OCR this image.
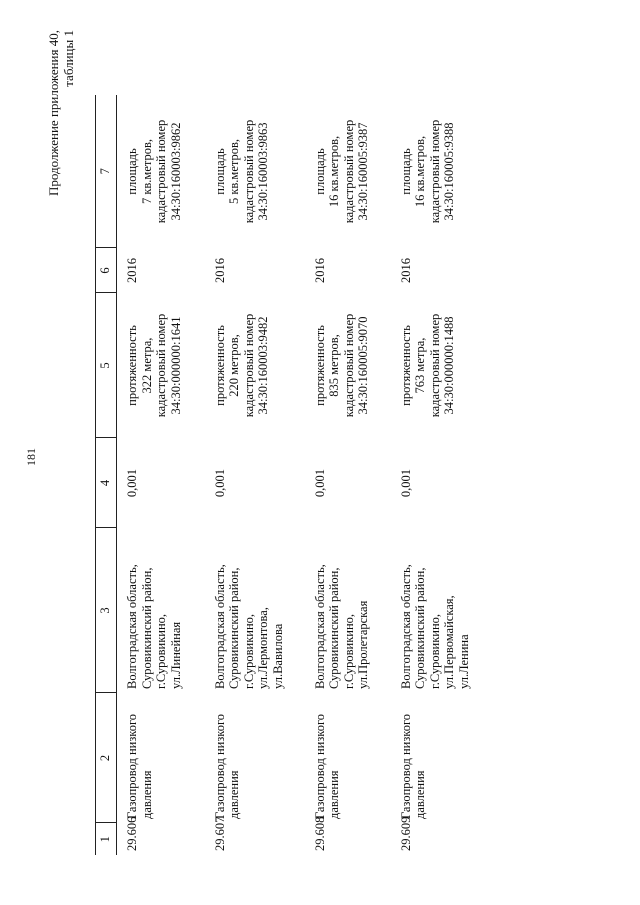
181
Продолжение приложения 40, таблицы 1
1	2	3	4	5	6	7
29.606	Газопровод низкого
давления	Волгоградская область,
Суровикинский район,
г.Суровикино,
ул.Линейная	0,001	протяженность
322 метра,
кадастровый номер
34:30:000000:1641	2016	площадь
7 кв.метров,
кадастровый номер
34:30:160003:9862
29.607	Газопровод низкого
давления	Волгоградская область,
Суровикинский район,
г.Суровикино,
ул.Лермонтова,
ул.Вавилова	0,001	протяженность
220 метров,
кадастровый номер
34:30:160003:9482	2016	площадь
5 кв.метров,
кадастровый номер
34:30:160003:9863
29.608	Газопровод низкого
давления	Волгоградская область,
Суровикинский район,
г.Суровикино,
ул.Пролетарская	0,001	протяженность
835 метров,
кадастровый номер
34:30:160005:9070	2016	площадь
16 кв.метров,
кадастровый номер
34:30:160005:9387
29.609	Газопровод низкого
давления	Волгоградская область,
Суровикинский район,
г.Суровикино,
ул.Первомайская,
ул.Ленина	0,001	протяженность
763 метра,
кадастровый номер
34:30:000000:1488	2016	площадь
16 кв.метров,
кадастровый номер
34:30:160005:9388
